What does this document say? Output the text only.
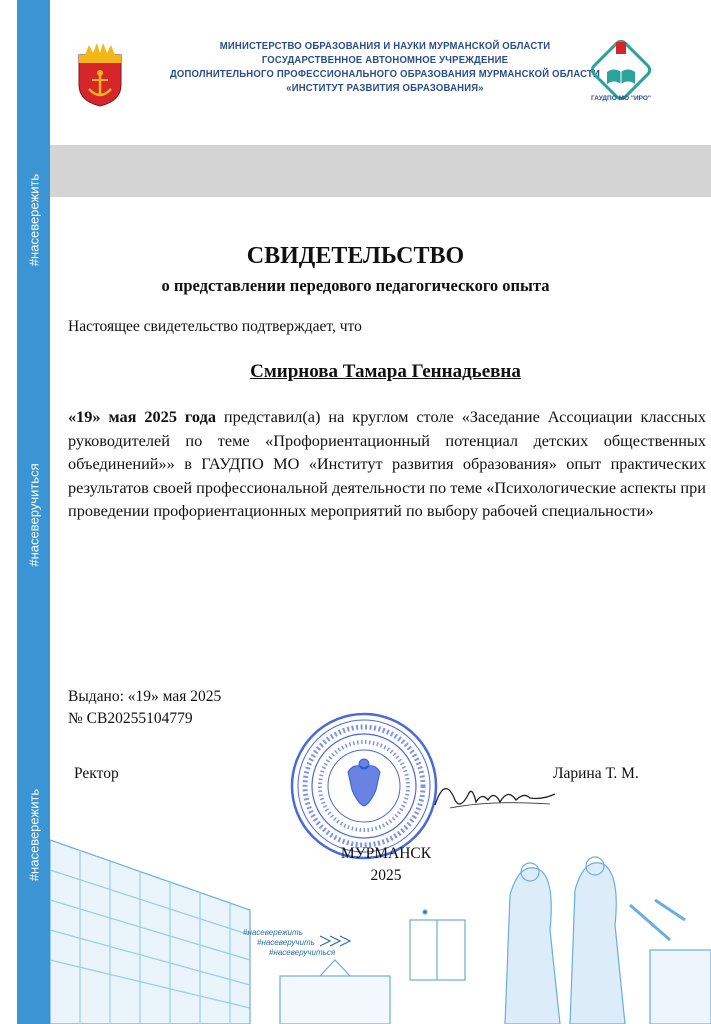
#насевережить
#насеверучиться
#насевережить
МИНИСТЕРСТВО ОБРАЗОВАНИЯ И НАУКИ МУРМАНСКОЙ ОБЛАСТИ
ГОСУДАРСТВЕННОЕ АВТОНОМНОЕ УЧРЕЖДЕНИЕ
ДОПОЛНИТЕЛЬНОГО ПРОФЕССИОНАЛЬНОГО ОБРАЗОВАНИЯ МУРМАНСКОЙ ОБЛАСТИ
«ИНСТИТУТ РАЗВИТИЯ ОБРАЗОВАНИЯ»
ГАУДПО МО "ИРО"
СВИДЕТЕЛЬСТВО
о представлении передового педагогического опыта
Настоящее свидетельство подтверждает, что
Смирнова Тамара Геннадьевна
«19» мая 2025 года представил(а) на круглом столе «Заседание Ассоциации классных руководителей по теме «Профориентационный потенциал детских общественных объединений»» в ГАУДПО МО «Институт развития образования» опыт практических результатов своей профессиональной деятельности по теме «Психологические аспекты при проведении профориентационных мероприятий по выбору рабочей специальности»
Выдано: «19» мая 2025
№ СВ20255104779
#насевережить
#насеверучить
#насеверучиться
Ректор	Ларина Т. М.
МУРМАНСК
2025
